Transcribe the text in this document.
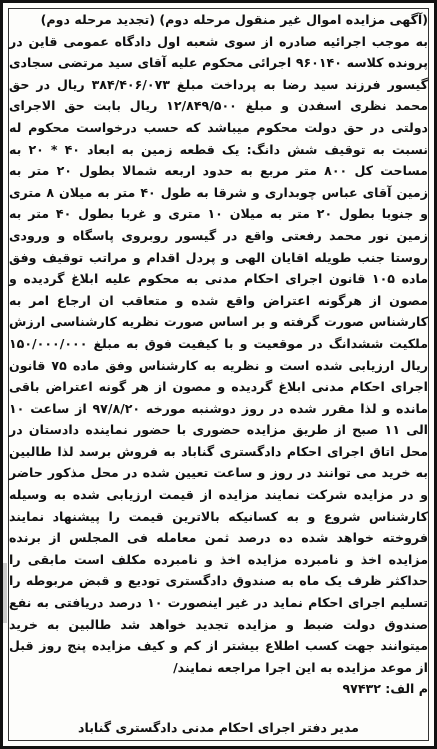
(آگهی مزایده اموال غیر منقول مرحله دوم) (تجدید مرحله دوم)
به موجب اجرائیه صادره از سوی شعبه اول دادگاه عمومی قاین در پرونده کلاسه ۹۶۰۱۴۰ اجرائی محکوم علیه آقای سید مرتضی سجادی گیسور فرزند سید رضا به پرداخت مبلغ ۳۸۴/۴۰۶/۰۷۳ ریال در حق محمد نظری اسفدن و مبلغ ۱۲/۸۴۹/۵۰۰ ریال بابت حق الاجرای دولتی در حق دولت محکوم میباشد که حسب درخواست محکوم له نسبت به توقیف شش دانگ: یک قطعه زمین به ابعاد ۴۰ * ۲۰ به مساحت کل ۸۰۰ متر مربع به حدود اربعه شمالا بطول ۲۰ متر به زمین آقای عباس چوبداری و شرقا به طول ۴۰ متر به میلان ۸ متری و جنوبا بطول ۲۰ متر به میلان ۱۰ متری و غربا بطول ۴۰ متر به زمین نور محمد رفعتی واقع در گیسور روبروی پاسگاه و ورودی روستا جنب طویله اقایان الهی و پردل اقدام و مراتب توقیف وفق ماده ۱۰۵ قانون اجرای احکام مدنی به محکوم علیه ابلاغ گردیده و مصون از هرگونه اعتراض واقع شده و متعاقب ان ارجاع امر به کارشناس صورت گرفته و بر اساس صورت نظریه کارشناسی ارزش ملکیت ششدانگ در موقعیت و با کیفیت فوق به مبلغ ۱۵۰/۰۰۰/۰۰۰ ریال ارزیابی شده است و نظریه به کارشناس وفق ماده ۷۵ قانون اجرای احکام مدنی ابلاغ گردیده و مصون از هر گونه اعتراض باقی مانده و لذا مقرر شده در روز دوشنبه مورخه ۹۷/۸/۲۰ از ساعت ۱۰ الی ۱۱ صبح از طریق مزایده حضوری با حضور نماینده دادستان در محل اتاق اجرای احکام دادگستری گناباد به فروش برسد لذا طالبین به خرید می توانند در روز و ساعت تعیین شده در محل مذکور حاضر و در مزایده شرکت نمایند مزایده از قیمت ارزیابی شده به وسیله کارشناس شروع و به کسانیکه بالاترین قیمت را پیشنهاد نمایند فروخته خواهد شده ده درصد ثمن معامله فی المجلس از برنده مزایده اخذ و نامبرده مزایده اخذ و نامبرده مکلف است مابقی را حداکثر ظرف یک ماه به صندوق دادگستری تودیع و قبض مربوطه را تسلیم اجرای احکام نماید در غیر اینصورت ۱۰ درصد دریافتی به نفع صندوق دولت ضبط و مزایده تجدید خواهد شد طالبین به خرید میتوانند جهت کسب اطلاع بیشتر از کم و کیف مزایده پنج روز قبل از موعد مزایده به این اجرا مراجعه نمایند/
م الف: ۹۷۴۳۲
مدیر دفتر اجرای احکام مدنی دادگستری گناباد
